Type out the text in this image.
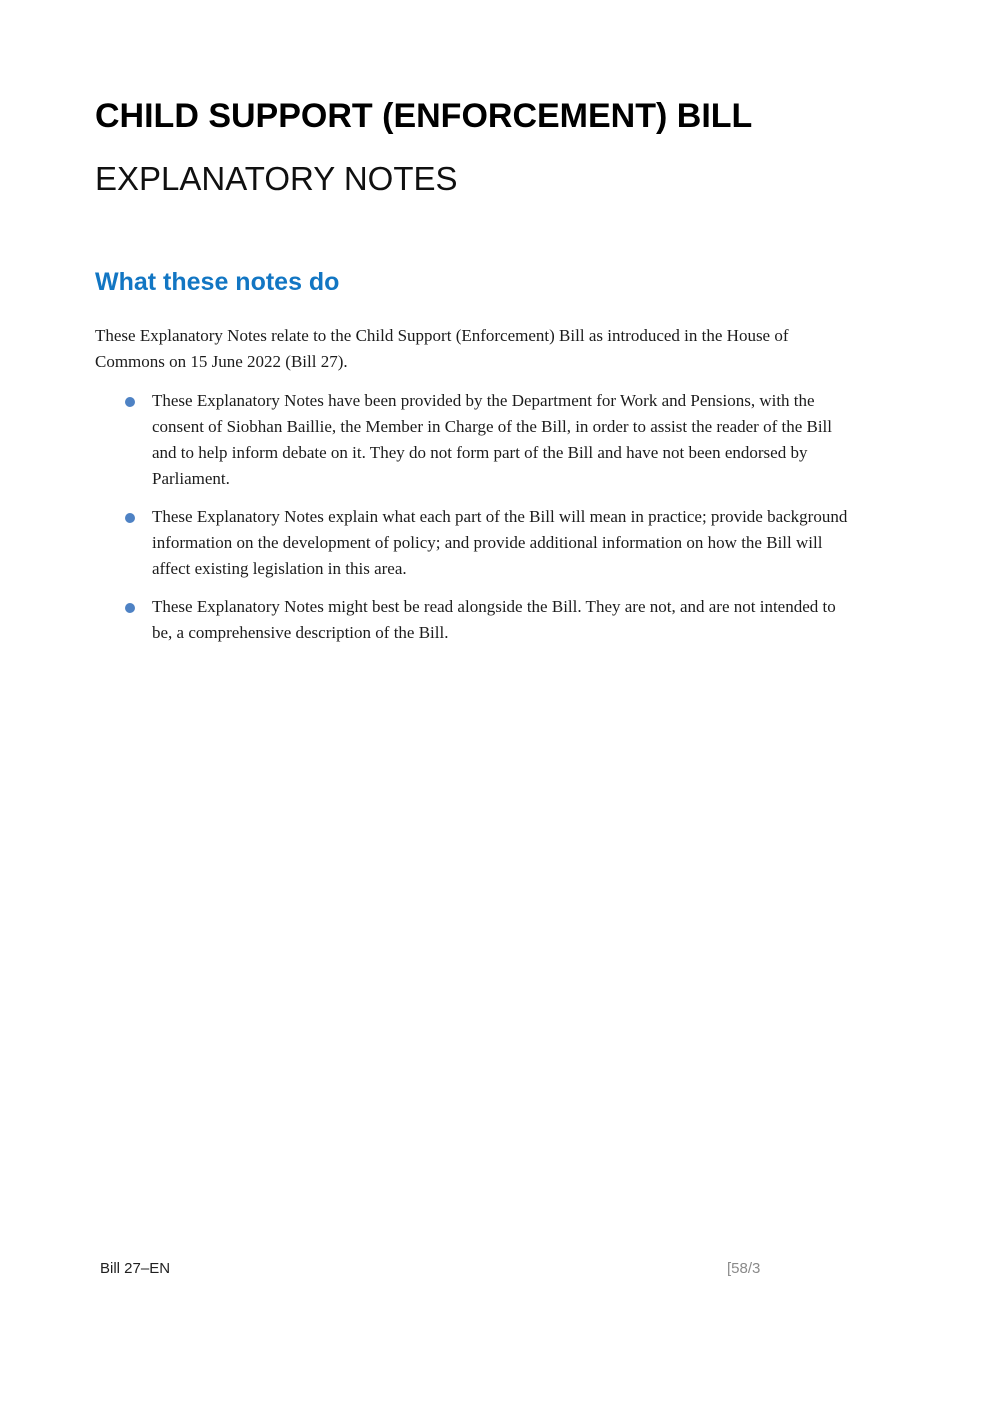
CHILD SUPPORT (ENFORCEMENT) BILL
EXPLANATORY NOTES
What these notes do

These Explanatory Notes relate to the Child Support (Enforcement) Bill as introduced in the House of Commons on 15 June 2022 (Bill 27).

These Explanatory Notes have been provided by the Department for Work and Pensions, with the consent of Siobhan Baillie, the Member in Charge of the Bill, in order to assist the reader of the Bill and to help inform debate on it. They do not form part of the Bill and have not been endorsed by Parliament.
These Explanatory Notes explain what each part of the Bill will mean in practice; provide background information on the development of policy; and provide additional information on how the Bill will affect existing legislation in this area.
These Explanatory Notes might best be read alongside the Bill. They are not, and are not intended to be, a comprehensive description of the Bill.
Bill 27–EN	[58/3
